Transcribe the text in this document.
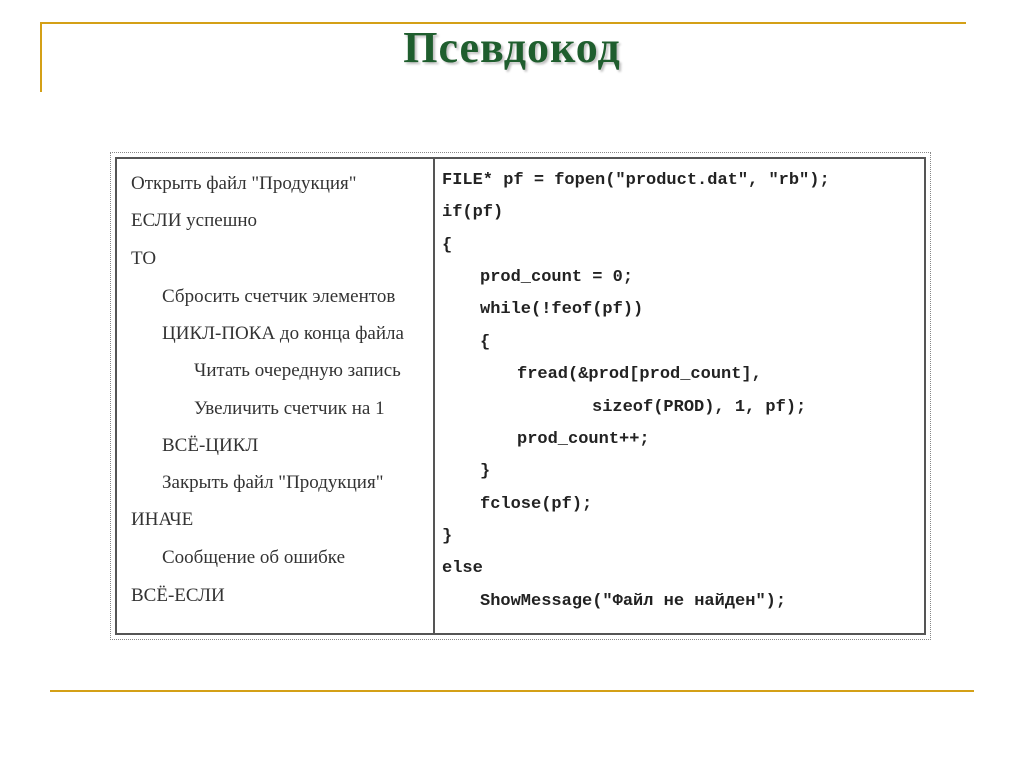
Псевдокод
Открыть файл "Продукция"
ЕСЛИ успешно
ТО
Сбросить счетчик элементов
ЦИКЛ-ПОКА до конца файла
Читать очередную запись
Увеличить счетчик на 1
ВСЁ-ЦИКЛ
Закрыть файл "Продукция"
ИНАЧЕ
Сообщение об ошибке
ВСЁ-ЕСЛИ
FILE* pf = fopen("product.dat", "rb");
if(pf)
{
prod_count = 0;
while(!feof(pf))
{
fread(&prod[prod_count],
sizeof(PROD), 1, pf);
prod_count++;
}
fclose(pf);
}
else
ShowMessage("Файл не найден");
